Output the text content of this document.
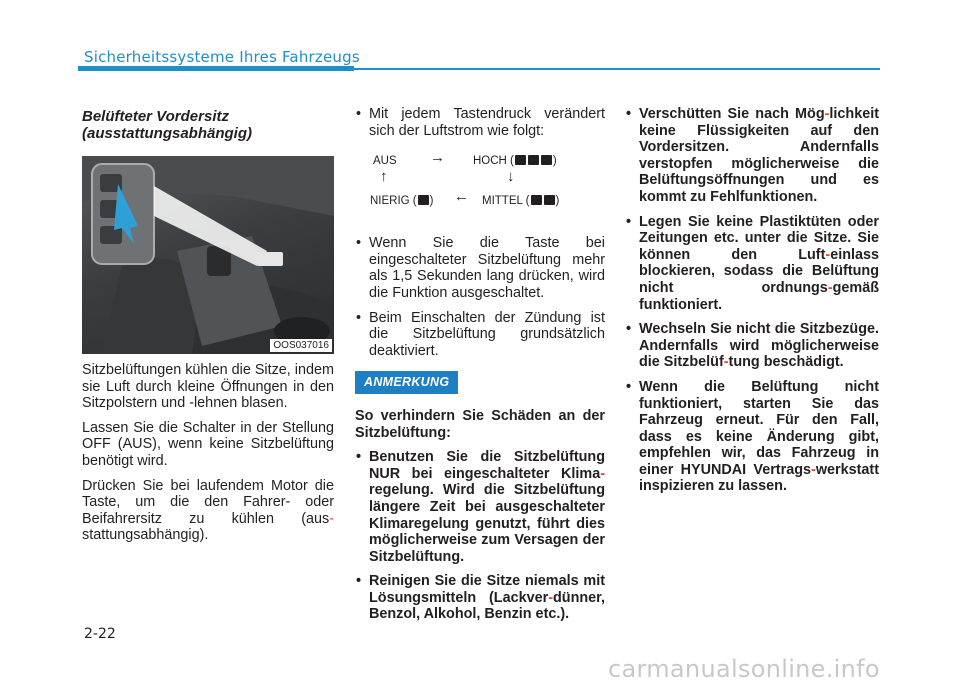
Sicherheitssysteme Ihres Fahrzeugs
Belüfteter Vordersitz
(ausstattungsabhängig)
OOS037016

Sitzbelüftungen kühlen die Sitze, indem sie Luft durch kleine Öffnungen in den Sitzpolstern und -lehnen blasen.

Lassen Sie die Schalter in der Stellung OFF (AUS), wenn keine Sitzbelüftung benötigt wird.

Drücken Sie bei laufendem Motor die Taste, um die den Fahrer- oder Beifahrersitz zu kühlen (aus-stattungsabhängig).

• Mit jedem Tastendruck verändert sich der Luftstrom wie folgt:
AUS → HOCH (	)
↑	↓
NIERIG ( ) ← MITTEL ( )
• Wenn Sie die Taste bei eingeschalteter Sitzbelüftung mehr als 1,5 Sekunden lang drücken, wird die Funktion ausgeschaltet.
• Beim Einschalten der Zündung ist die Sitzbelüftung grundsätzlich deaktiviert.
ANMERKUNG

So verhindern Sie Schäden an der Sitzbelüftung:

• Benutzen Sie die Sitzbelüftung NUR bei eingeschalteter Klima-regelung. Wird die Sitzbelüftung längere Zeit bei ausgeschalteter Klimaregelung genutzt, führt dies möglicherweise zum Versagen der Sitzbelüftung.
• Reinigen Sie die Sitze niemals mit Lösungsmitteln (Lackver-dünner, Benzol, Alkohol, Benzin etc.).
• Verschütten Sie nach Mög-lichkeit keine Flüssigkeiten auf den Vordersitzen. Andernfalls verstopfen möglicherweise die Belüftungsöffnungen und es kommt zu Fehlfunktionen.
• Legen Sie keine Plastiktüten oder Zeitungen etc. unter die Sitze. Sie können den Luft-einlass blockieren, sodass die Belüftung nicht ordnungs-gemäß funktioniert.
• Wechseln Sie nicht die Sitzbezüge. Andernfalls wird möglicherweise die Sitzbelüf-tung beschädigt.
• Wenn die Belüftung nicht funktioniert, starten Sie das Fahrzeug erneut. Für den Fall, dass es keine Änderung gibt, empfehlen wir, das Fahrzeug in einer HYUNDAI Vertrags-werkstatt inspizieren zu lassen.
2-22
carmanualsonline.info
